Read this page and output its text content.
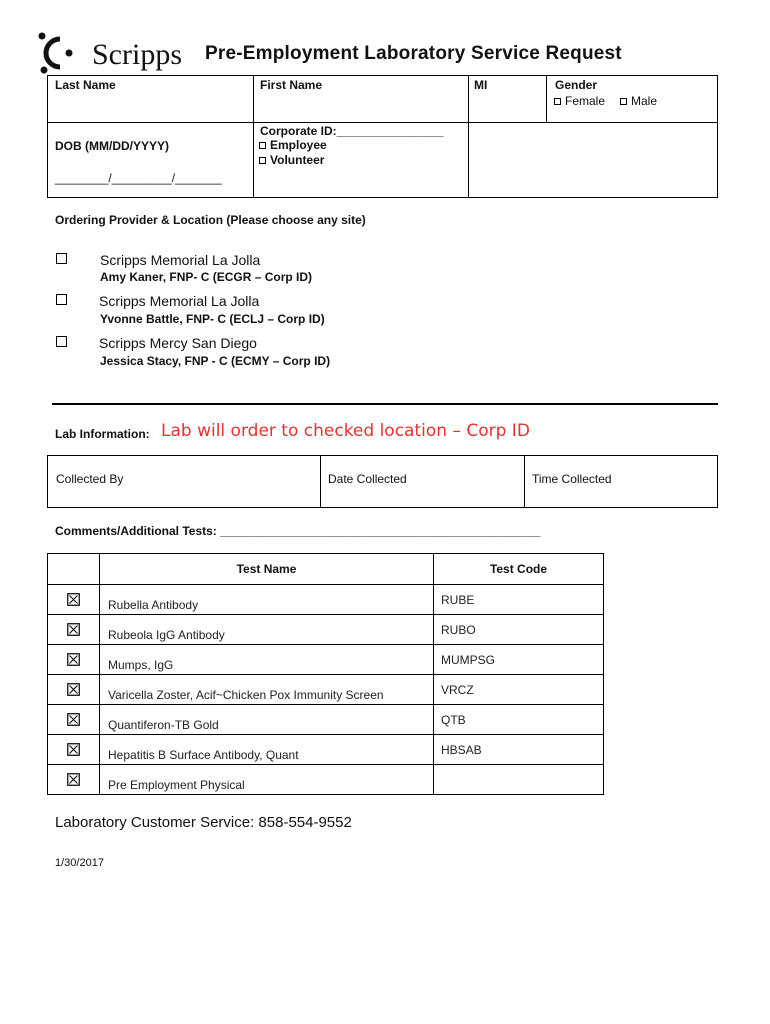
Scripps Pre-Employment Laboratory Service Request
Last Name	First Name	MI	Gender
Female	Male
DOB (MM/DD/YYYY)
________/_________/_______
Corporate ID:________________
Employee
Volunteer
Ordering Provider & Location (Please choose any site)
Scripps Memorial La Jolla
Amy Kaner, FNP- C (ECGR – Corp ID)
Scripps Memorial La Jolla
Yvonne Battle, FNP- C (ECLJ – Corp ID)
Scripps Mercy San Diego
Jessica Stacy, FNP - C (ECMY – Corp ID)
Lab Information: Lab will order to checked location – Corp ID
Collected By	Date Collected	Time Collected
Comments/Additional Tests: ________________________________________________
	Test Name	Test Code

	Rubella Antibody	RUBE

	Rubeola IgG Antibody	RUBO

	Mumps, IgG	MUMPSG

	Varicella Zoster, Acif~Chicken Pox Immunity Screen	VRCZ

	Quantiferon-TB Gold	QTB

	Hepatitis B Surface Antibody, Quant	HBSAB

	Pre Employment Physical	
Laboratory Customer Service: 858-554-9552
1/30/2017
